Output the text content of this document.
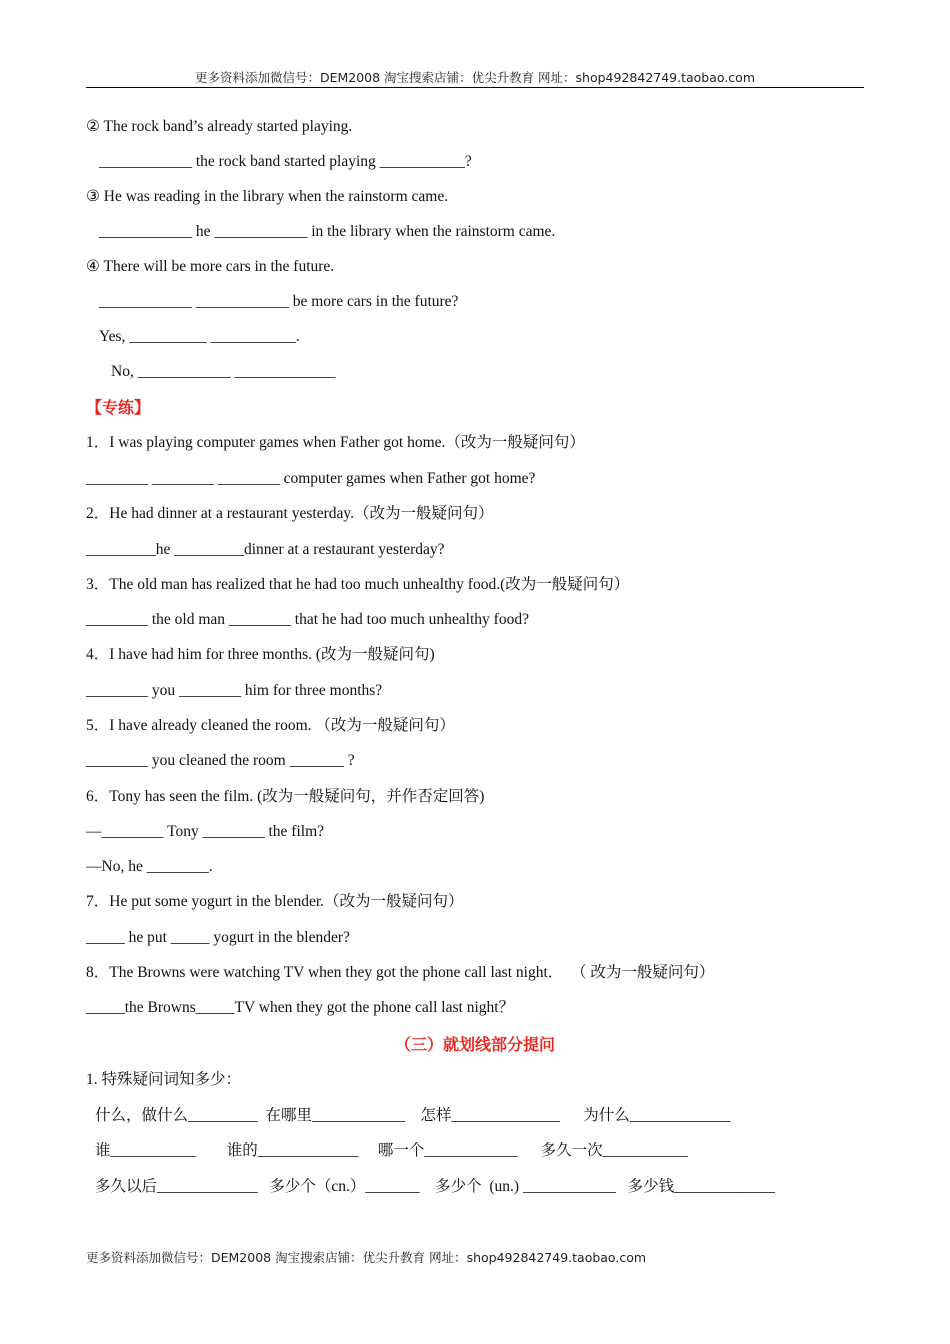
更多资料添加微信号：DEM2008 淘宝搜索店铺：优尖升教育 网址：shop492842749.taobao.com
② The rock band’s already started playing.
____________ the rock band started playing ___________?
③ He was reading in the library when the rainstorm came.
____________ he ____________ in the library when the rainstorm came.
④ There will be more cars in the future.
____________ ____________ be more cars in the future?
Yes, __________ ___________.
No, ____________ _____________
【专练】
1．I was playing computer games when Father got home.（改为一般疑问句）
________ ________ ________ computer games when Father got home?
2．He had dinner at a restaurant yesterday.（改为一般疑问句）
_________he _________dinner at a restaurant yesterday?
3．The old man has realized that he had too much unhealthy food.(改为一般疑问句）
________ the old man ________ that he had too much unhealthy food?
4．I have had him for three months. (改为一般疑问句)
________ you ________ him for three months?
5．I have already cleaned the room. （改为一般疑问句）
________ you cleaned the room _______ ?
6．Tony has seen the film. (改为一般疑问句，并作否定回答)
—________ Tony ________ the film?
—No, he ________.
7．He put some yogurt in the blender.（改为一般疑问句）
_____ he put _____ yogurt in the blender?
8．The Browns were watching TV when they got the phone call last night．  （ 改为一般疑问句）
_____the Browns_____TV when they got the phone call last night？
（三）就划线部分提问
1. 特殊疑问词知多少：
什么，做什么_________  在哪里____________    怎样______________      为什么_____________
谁___________        谁的_____________     哪一个____________      多久一次___________
多久以后_____________   多少个（cn.）_______    多少个  (un.) ____________   多少钱_____________
更多资料添加微信号：DEM2008 淘宝搜索店铺：优尖升教育 网址：shop492842749.taobao.com
